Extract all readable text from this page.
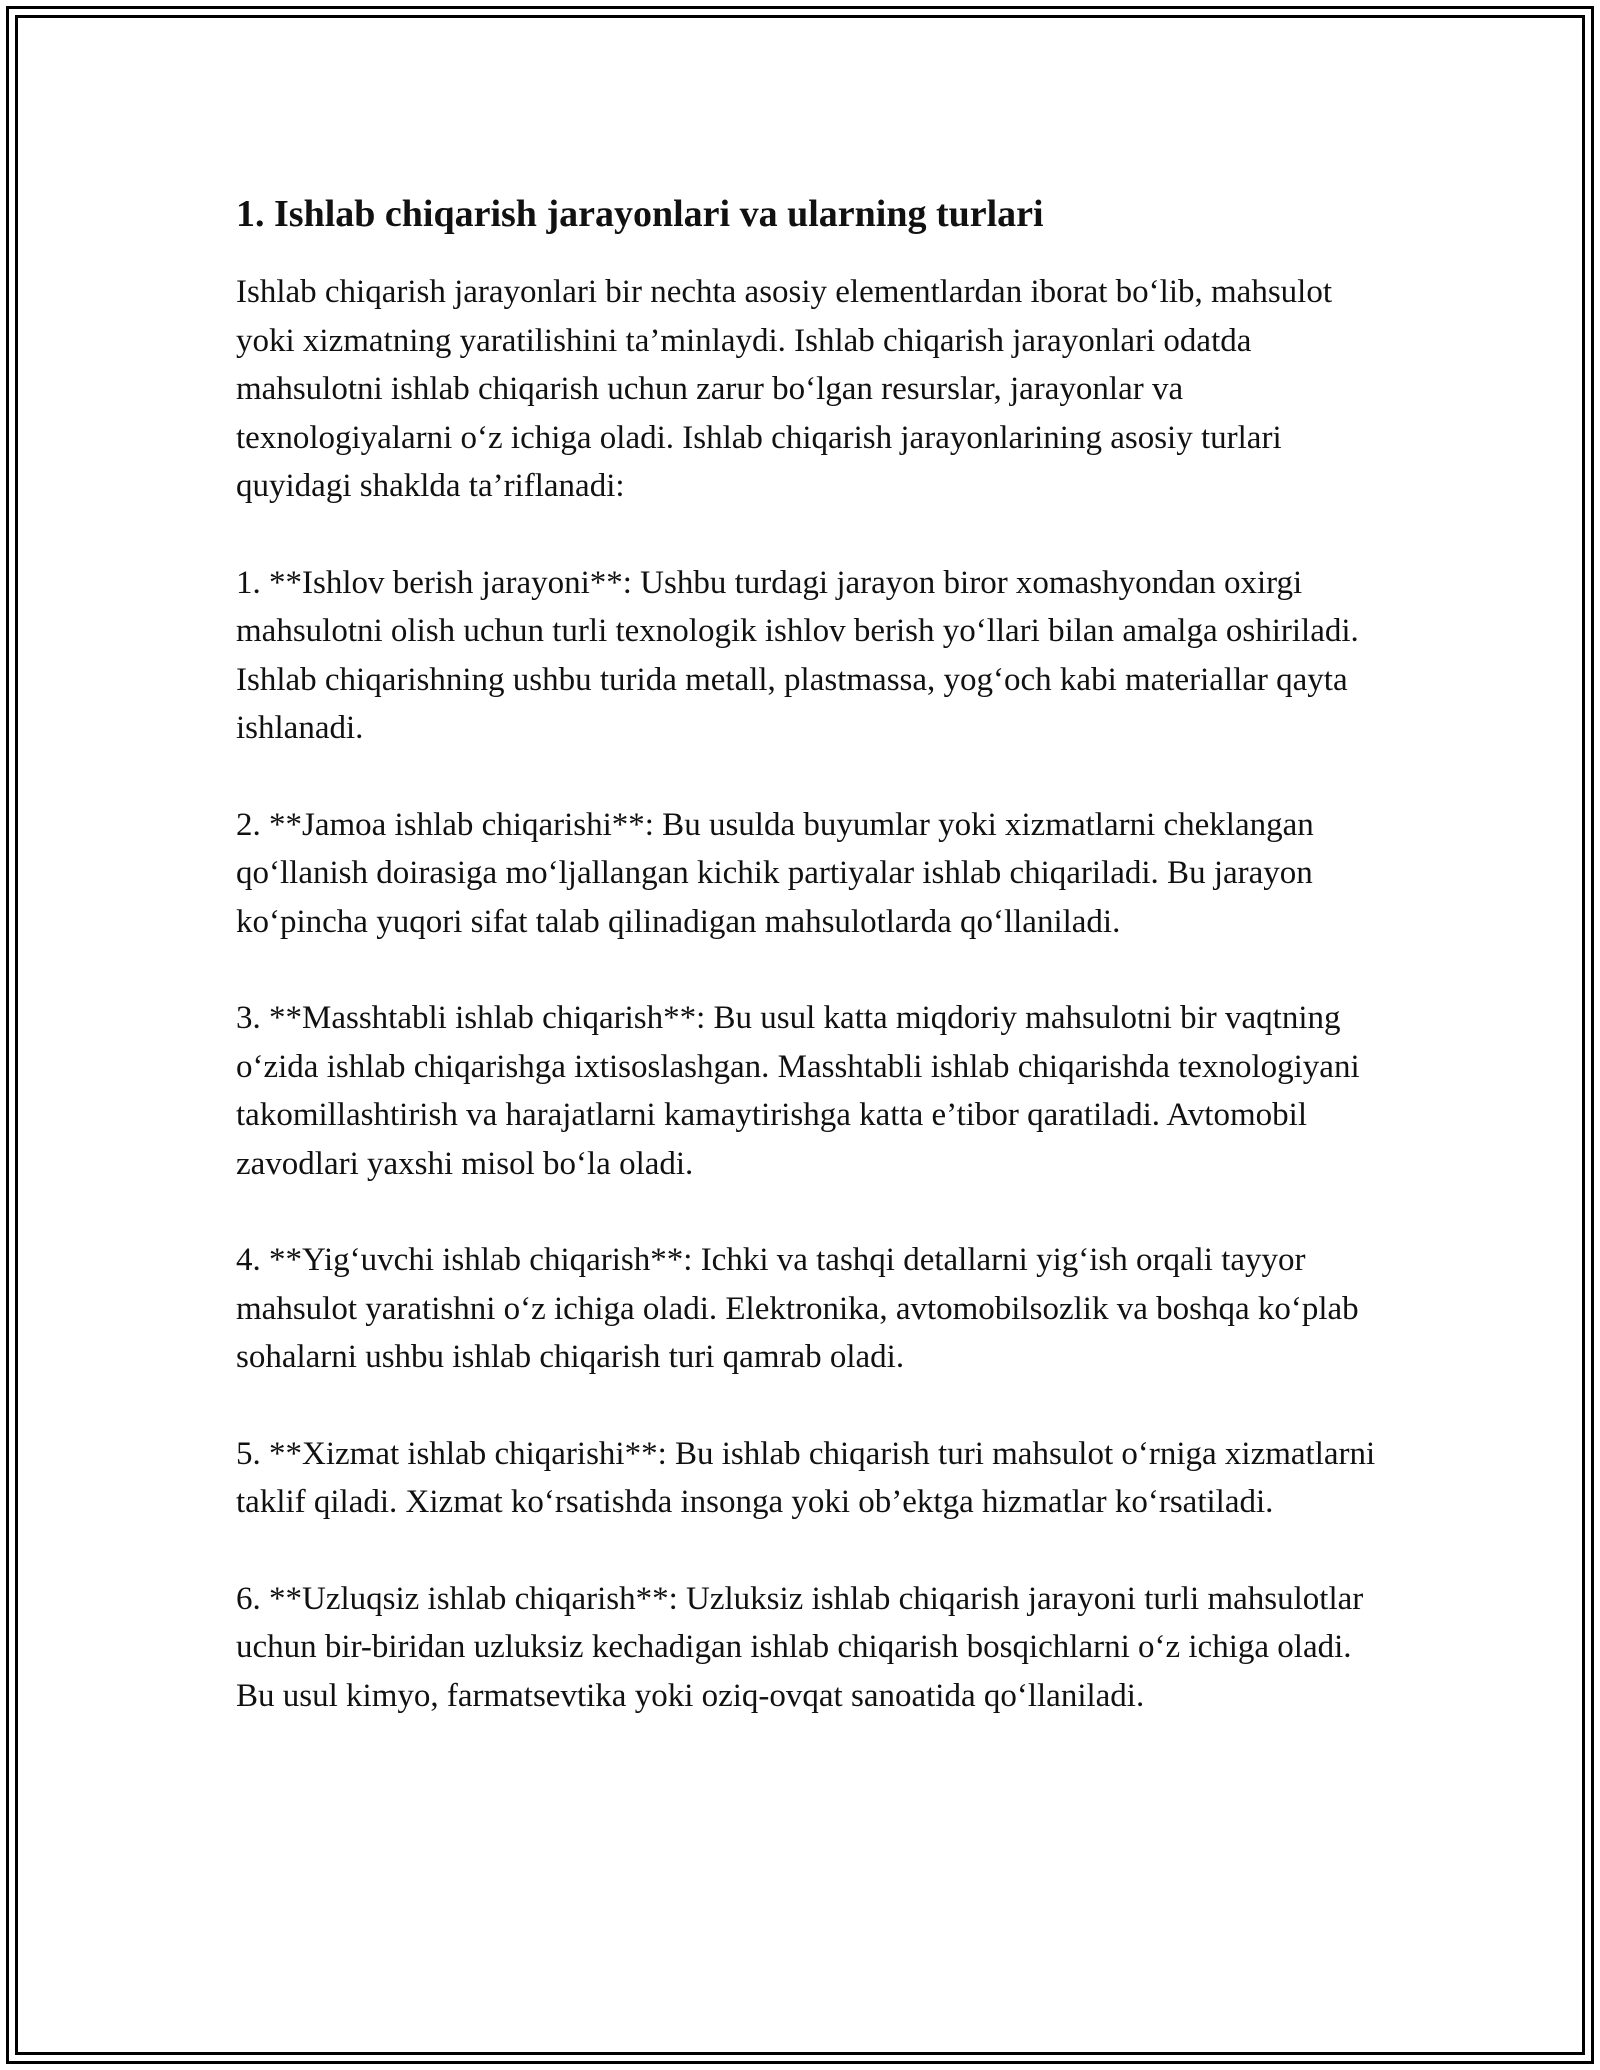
1. Ishlab chiqarish jarayonlari va ularning turlari

Ishlab chiqarish jarayonlari bir nechta asosiy elementlardan iborat bo‘lib, mahsulot yoki xizmatning yaratilishini ta’minlaydi. Ishlab chiqarish jarayonlari odatda mahsulotni ishlab chiqarish uchun zarur bo‘lgan resurslar, jarayonlar va texnologiyalarni o‘z ichiga oladi. Ishlab chiqarish jarayonlarining asosiy turlari quyidagi shaklda ta’riflanadi:

1. **Ishlov berish jarayoni**: Ushbu turdagi jarayon biror xomashyondan oxirgi mahsulotni olish uchun turli texnologik ishlov berish yo‘llari bilan amalga oshiriladi. Ishlab chiqarishning ushbu turida metall, plastmassa, yog‘och kabi materiallar qayta ishlanadi.

2. **Jamoa ishlab chiqarishi**: Bu usulda buyumlar yoki xizmatlarni cheklangan qo‘llanish doirasiga mo‘ljallangan kichik partiyalar ishlab chiqariladi. Bu jarayon ko‘pincha yuqori sifat talab qilinadigan mahsulotlarda qo‘llaniladi.

3. **Masshtabli ishlab chiqarish**: Bu usul katta miqdoriy mahsulotni bir vaqtning o‘zida ishlab chiqarishga ixtisoslashgan. Masshtabli ishlab chiqarishda texnologiyani takomillashtirish va harajatlarni kamaytirishga katta e’tibor qaratiladi. Avtomobil zavodlari yaxshi misol bo‘la oladi.

4. **Yig‘uvchi ishlab chiqarish**: Ichki va tashqi detallarni yig‘ish orqali tayyor mahsulot yaratishni o‘z ichiga oladi. Elektronika, avtomobilsozlik va boshqa ko‘plab sohalarni ushbu ishlab chiqarish turi qamrab oladi.

5. **Xizmat ishlab chiqarishi**: Bu ishlab chiqarish turi mahsulot o‘rniga xizmatlarni taklif qiladi. Xizmat ko‘rsatishda insonga yoki ob’ektga hizmatlar ko‘rsatiladi.

6. **Uzluqsiz ishlab chiqarish**: Uzluksiz ishlab chiqarish jarayoni turli mahsulotlar uchun bir-biridan uzluksiz kechadigan ishlab chiqarish bosqichlarni o‘z ichiga oladi. Bu usul kimyo, farmatsevtika yoki oziq-ovqat sanoatida qo‘llaniladi.
